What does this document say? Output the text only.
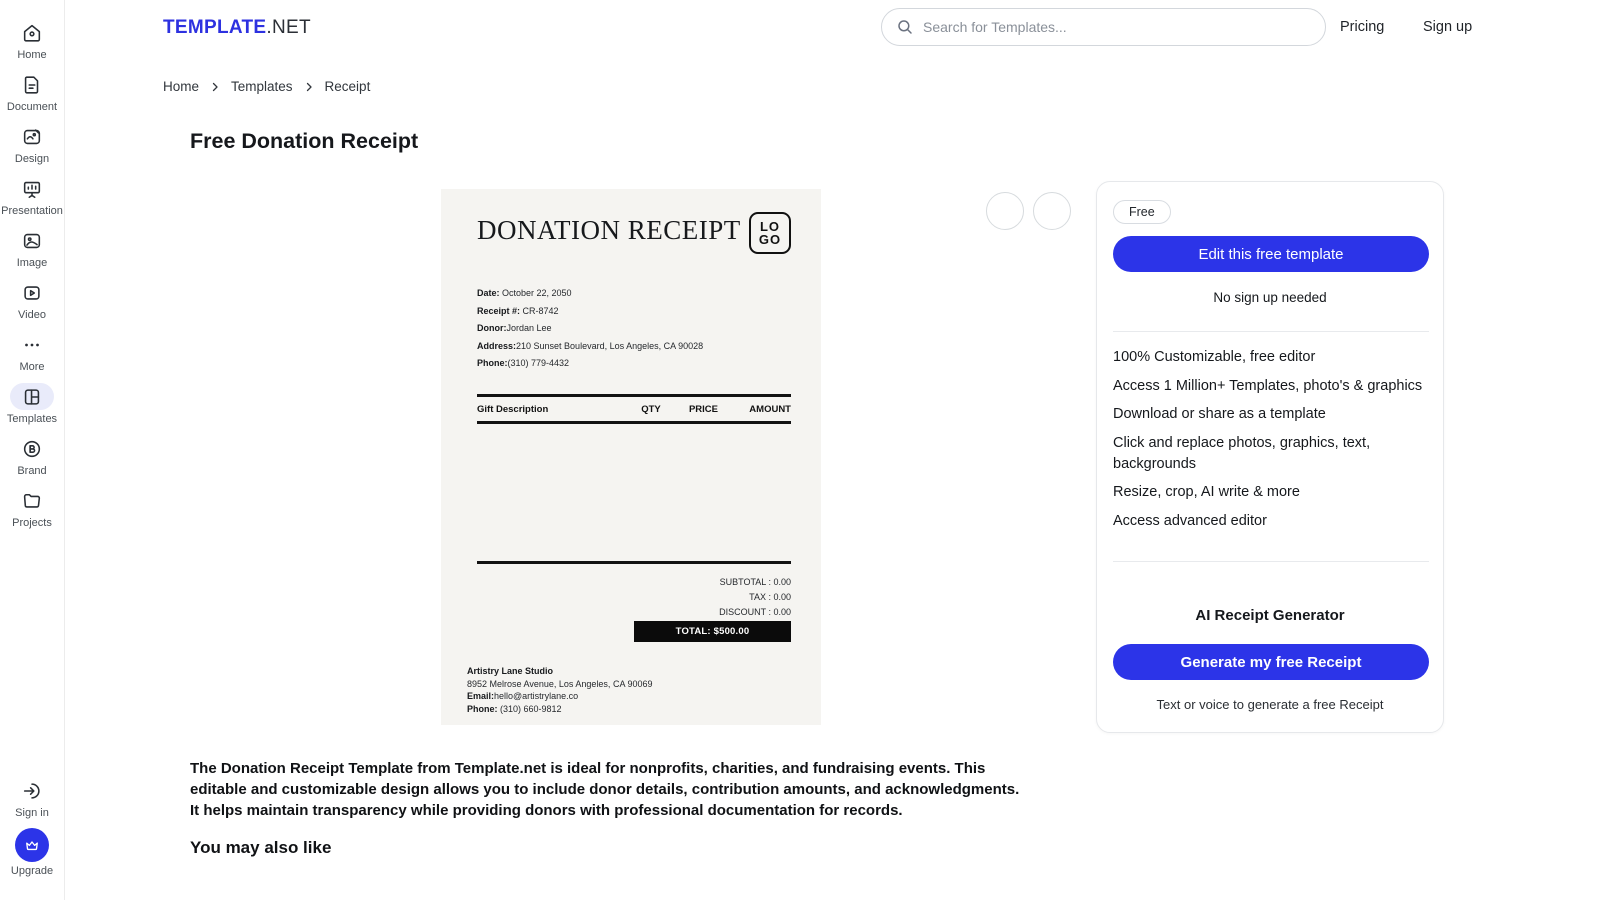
Home
Document
Design
Presentation
Image
Video
More
Templates
Brand
Projects
Sign in
Upgrade
TEMPLATE.NET
Search for Templates...	Pricing	Sign up
Home Templates Receipt
Free Donation Receipt
DONATION RECEIPT LO
GO
Date: October 22, 2050
Receipt #: CR-8742
Donor:Jordan Lee
Address:210 Sunset Boulevard, Los Angeles, CA 90028
Phone:(310) 779-4432
Gift Description	QTY	PRICE	AMOUNT
SUBTOTAL : 0.00
TAX : 0.00
DISCOUNT : 0.00
TOTAL: $500.00
Artistry Lane Studio
8952 Melrose Avenue, Los Angeles, CA 90069
Email:hello@artistrylane.co
Phone: (310) 660-9812
Free
Edit this free template
No sign up needed
100% Customizable, free editor
Access 1 Million+ Templates, photo's & graphics
Download or share as a template
Click and replace photos, graphics, text, backgrounds
Resize, crop, AI write & more
Access advanced editor
AI Receipt Generator
Generate my free Receipt
Text or voice to generate a free Receipt

The Donation Receipt Template from Template.net is ideal for nonprofits, charities, and fundraising events. This editable and customizable design allows you to include donor details, contribution amounts, and acknowledgments. It helps maintain transparency while providing donors with professional documentation for records.

You may also like
